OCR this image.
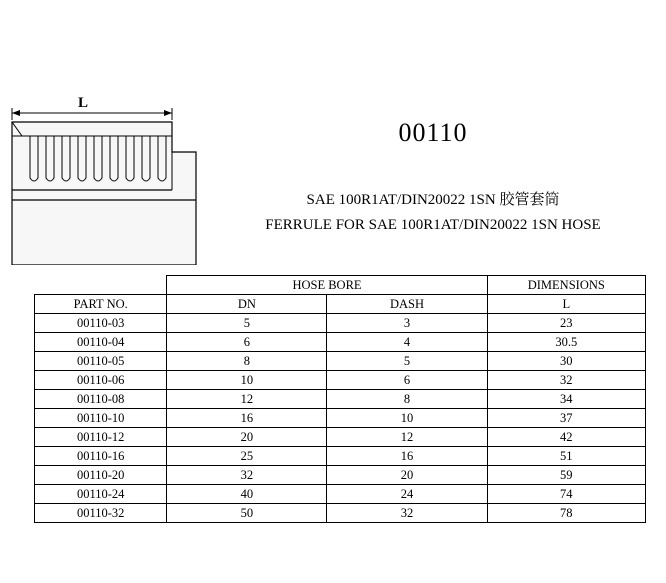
L
00110
SAE 100R1AT/DIN20022 1SN 胶管套筒
FERRULE FOR SAE 100R1AT/DIN20022 1SN HOSE
	HOSE BORE		DIMENSIONS
PART NO.	DN	DASH	L
00110-03	5	3	23
00110-04	6	4	30.5
00110-05	8	5	30
00110-06	10	6	32
00110-08	12	8	34
00110-10	16	10	37
00110-12	20	12	42
00110-16	25	16	51
00110-20	32	20	59
00110-24	40	24	74
00110-32	50	32	78
